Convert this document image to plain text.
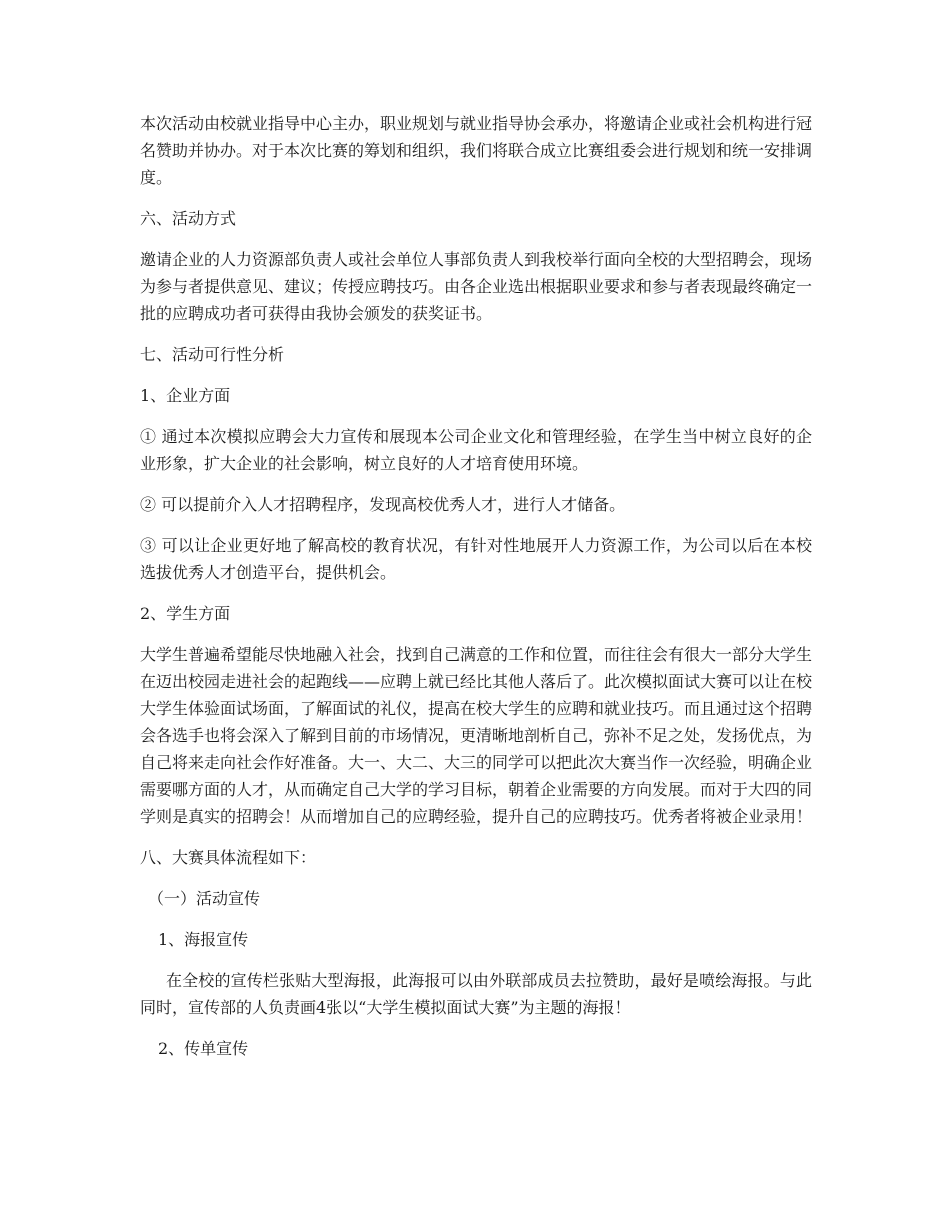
本次活动由校就业指导中心主办，职业规划与就业指导协会承办，将邀请企业或社会机构进行冠名赞助并协办。对于本次比赛的筹划和组织，我们将联合成立比赛组委会进行规划和统一安排调度。

六、活动方式

邀请企业的人力资源部负责人或社会单位人事部负责人到我校举行面向全校的大型招聘会，现场为参与者提供意见、建议；传授应聘技巧。由各企业选出根据职业要求和参与者表现最终确定一批的应聘成功者可获得由我协会颁发的获奖证书。

七、活动可行性分析

1、企业方面

① 通过本次模拟应聘会大力宣传和展现本公司企业文化和管理经验，在学生当中树立良好的企业形象，扩大企业的社会影响，树立良好的人才培育使用环境。

② 可以提前介入人才招聘程序，发现高校优秀人才，进行人才储备。

③ 可以让企业更好地了解高校的教育状况，有针对性地展开人力资源工作，为公司以后在本校选拔优秀人才创造平台，提供机会。

2、学生方面

大学生普遍希望能尽快地融入社会，找到自己满意的工作和位置，而往往会有很大一部分大学生在迈出校园走进社会的起跑线——应聘上就已经比其他人落后了。此次模拟面试大赛可以让在校大学生体验面试场面，了解面试的礼仪，提高在校大学生的应聘和就业技巧。而且通过这个招聘会各选手也将会深入了解到目前的市场情况，更清晰地剖析自己，弥补不足之处，发扬优点，为自己将来走向社会作好准备。大一、大二、大三的同学可以把此次大赛当作一次经验，明确企业需要哪方面的人才，从而确定自己大学的学习目标，朝着企业需要的方向发展。而对于大四的同学则是真实的招聘会！从而增加自己的应聘经验，提升自己的应聘技巧。优秀者将被企业录用！

八、大赛具体流程如下：

（一）活动宣传

1、海报宣传

在全校的宣传栏张贴大型海报，此海报可以由外联部成员去拉赞助，最好是喷绘海报。与此同时，宣传部的人负责画4张以“大学生模拟面试大赛”为主题的海报！

2、传单宣传
